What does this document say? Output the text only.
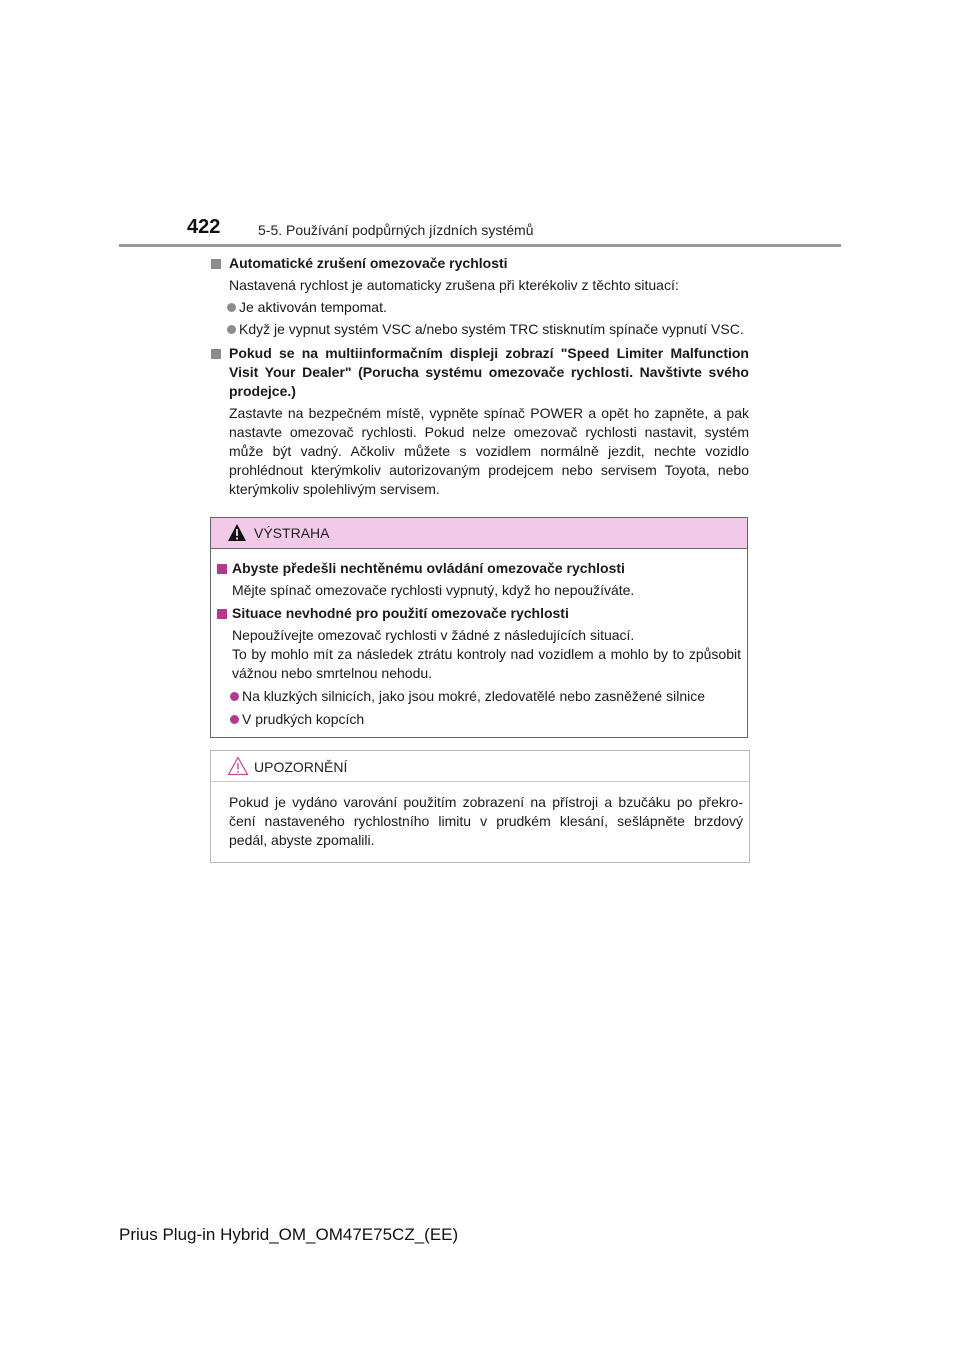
422	5-5. Používání podpůrných jízdních systémů
Automatické zrušení omezovače rychlosti
Nastavená rychlost je automaticky zrušena při kterékoliv z těchto situací:
Je aktivován tempomat.
Když je vypnut systém VSC a/nebo systém TRC stisknutím spínače vypnutí VSC.
Pokud se na multiinformačním displeji zobrazí "Speed Limiter Malfunction Visit Your Dealer" (Porucha systému omezovače rychlosti. Navštivte svého prodejce.)
Zastavte na bezpečném místě, vypněte spínač POWER a opět ho zapněte, a pak nastavte omezovač rychlosti. Pokud nelze omezovač rychlosti nastavit, systém může být vadný. Ačkoliv můžete s vozidlem normálně jezdit, nechte vozidlo prohlédnout kterýmkoliv autorizovaným prodejcem nebo servisem Toyota, nebo kterýmkoliv spolehlivým servisem.
VÝSTRAHA
Abyste předešli nechtěnému ovládání omezovače rychlosti
Mějte spínač omezovače rychlosti vypnutý, když ho nepoužíváte.
Situace nevhodné pro použití omezovače rychlosti
Nepoužívejte omezovač rychlosti v žádné z následujících situací.
To by mohlo mít za následek ztrátu kontroly nad vozidlem a mohlo by to způsobit vážnou nebo smrtelnou nehodu.
Na kluzkých silnicích, jako jsou mokré, zledovatělé nebo zasněžené silnice
V prudkých kopcích
UPOZORNĚNÍ
Pokud je vydáno varování použitím zobrazení na přístroji a bzučáku po překro-čení nastaveného rychlostního limitu v prudkém klesání, sešlápněte brzdový pedál, abyste zpomalili.
Prius Plug-in Hybrid_OM_OM47E75CZ_(EE)
